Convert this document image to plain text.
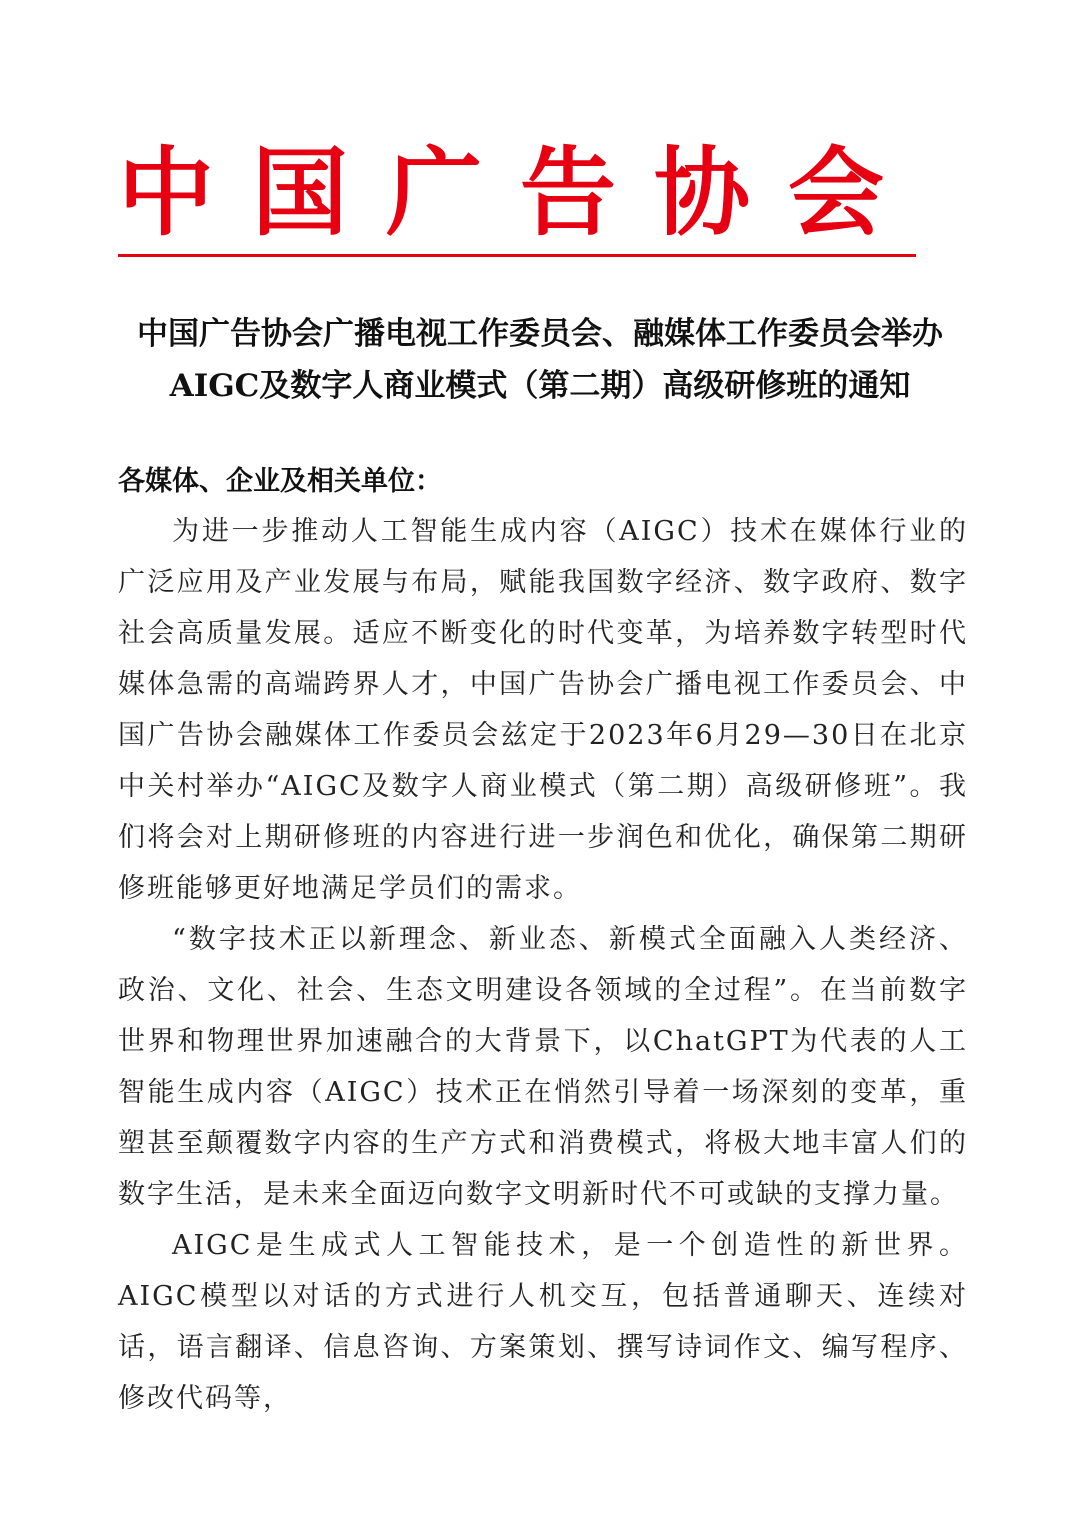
中国广告协会
中国广告协会广播电视工作委员会、融媒体工作委员会举办
AIGC及数字人商业模式（第二期）高级研修班的通知
各媒体、企业及相关单位：

为进一步推动人工智能生成内容（AIGC）技术在媒体行业的广泛应用及产业发展与布局，赋能我国数字经济、数字政府、数字社会高质量发展。适应不断变化的时代变革，为培养数字转型时代媒体急需的高端跨界人才，中国广告协会广播电视工作委员会、中国广告协会融媒体工作委员会兹定于2023年6月29—30日在北京中关村举办“AIGC及数字人商业模式（第二期）高级研修班”。我们将会对上期研修班的内容进行进一步润色和优化，确保第二期研修班能够更好地满足学员们的需求。

“数字技术正以新理念、新业态、新模式全面融入人类经济、政治、文化、社会、生态文明建设各领域的全过程”。在当前数字世界和物理世界加速融合的大背景下，以ChatGPT为代表的人工智能生成内容（AIGC）技术正在悄然引导着一场深刻的变革，重塑甚至颠覆数字内容的生产方式和消费模式，将极大地丰富人们的数字生活，是未来全面迈向数字文明新时代不可或缺的支撑力量。

AIGC是生成式人工智能技术，是一个创造性的新世界。AIGC模型以对话的方式进行人机交互，包括普通聊天、连续对话，语言翻译、信息咨询、方案策划、撰写诗词作文、编写程序、修改代码等，
